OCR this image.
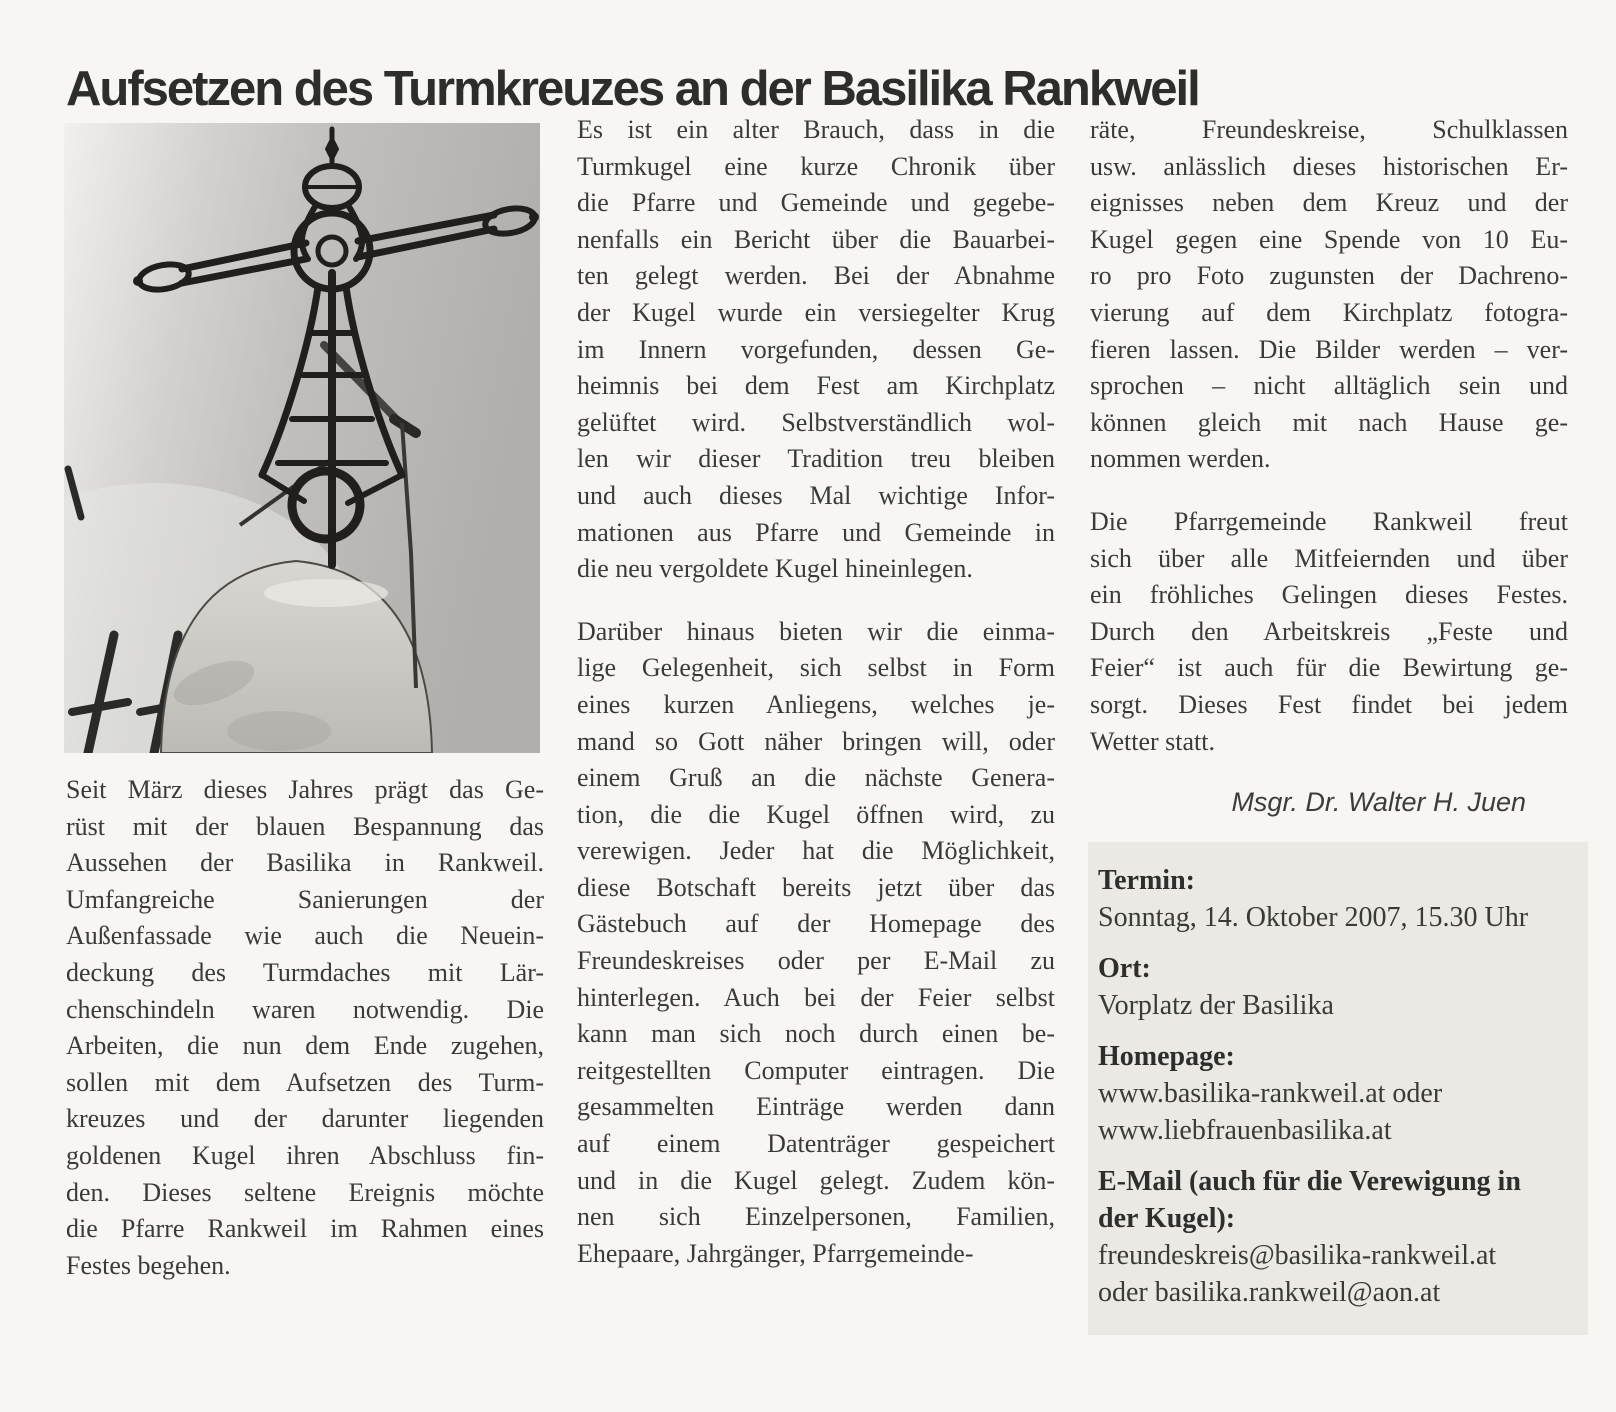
Aufsetzen des Turmkreuzes an der Basilika Rankweil
Seit März dieses Jahres prägt das Ge-
rüst mit der blauen Bespannung das
Aussehen der Basilika in Rankweil.
Umfangreiche Sanierungen der
Außenfassade wie auch die Neuein-
deckung des Turmdaches mit Lär-
chenschindeln waren notwendig. Die
Arbeiten, die nun dem Ende zugehen,
sollen mit dem Aufsetzen des Turm-
kreuzes und der darunter liegenden
goldenen Kugel ihren Abschluss fin-
den. Dieses seltene Ereignis möchte
die Pfarre Rankweil im Rahmen eines
Festes begehen.
Es ist ein alter Brauch, dass in die
Turmkugel eine kurze Chronik über
die Pfarre und Gemeinde und gegebe-
nenfalls ein Bericht über die Bauarbei-
ten gelegt werden. Bei der Abnahme
der Kugel wurde ein versiegelter Krug
im Innern vorgefunden, dessen Ge-
heimnis bei dem Fest am Kirchplatz
gelüftet wird. Selbstverständlich wol-
len wir dieser Tradition treu bleiben
und auch dieses Mal wichtige Infor-
mationen aus Pfarre und Gemeinde in
die neu vergoldete Kugel hineinlegen.
Darüber hinaus bieten wir die einma-
lige Gelegenheit, sich selbst in Form
eines kurzen Anliegens, welches je-
mand so Gott näher bringen will, oder
einem Gruß an die nächste Genera-
tion, die die Kugel öffnen wird, zu
verewigen. Jeder hat die Möglichkeit,
diese Botschaft bereits jetzt über das
Gästebuch auf der Homepage des
Freundeskreises oder per E-Mail zu
hinterlegen. Auch bei der Feier selbst
kann man sich noch durch einen be-
reitgestellten Computer eintragen. Die
gesammelten Einträge werden dann
auf einem Datenträger gespeichert
und in die Kugel gelegt. Zudem kön-
nen sich Einzelpersonen, Familien,
Ehepaare, Jahrgänger, Pfarrgemeinde-
räte, Freundeskreise, Schulklassen
usw. anlässlich dieses historischen Er-
eignisses neben dem Kreuz und der
Kugel gegen eine Spende von 10 Eu-
ro pro Foto zugunsten der Dachreno-
vierung auf dem Kirchplatz fotogra-
fieren lassen. Die Bilder werden – ver-
sprochen – nicht alltäglich sein und
können gleich mit nach Hause ge-
nommen werden.
Die Pfarrgemeinde Rankweil freut
sich über alle Mitfeiernden und über
ein fröhliches Gelingen dieses Festes.
Durch den Arbeitskreis „Feste und
Feier“ ist auch für die Bewirtung ge-
sorgt. Dieses Fest findet bei jedem
Wetter statt.
Msgr. Dr. Walter H. Juen
Termin:
Sonntag, 14. Oktober 2007, 15.30 Uhr
Ort:
Vorplatz der Basilika
Homepage:
www.basilika-rankweil.at oder
www.liebfrauenbasilika.at
E-Mail (auch für die Verewigung in der Kugel):
freundeskreis@basilika-rankweil.at
oder basilika.rankweil@aon.at
